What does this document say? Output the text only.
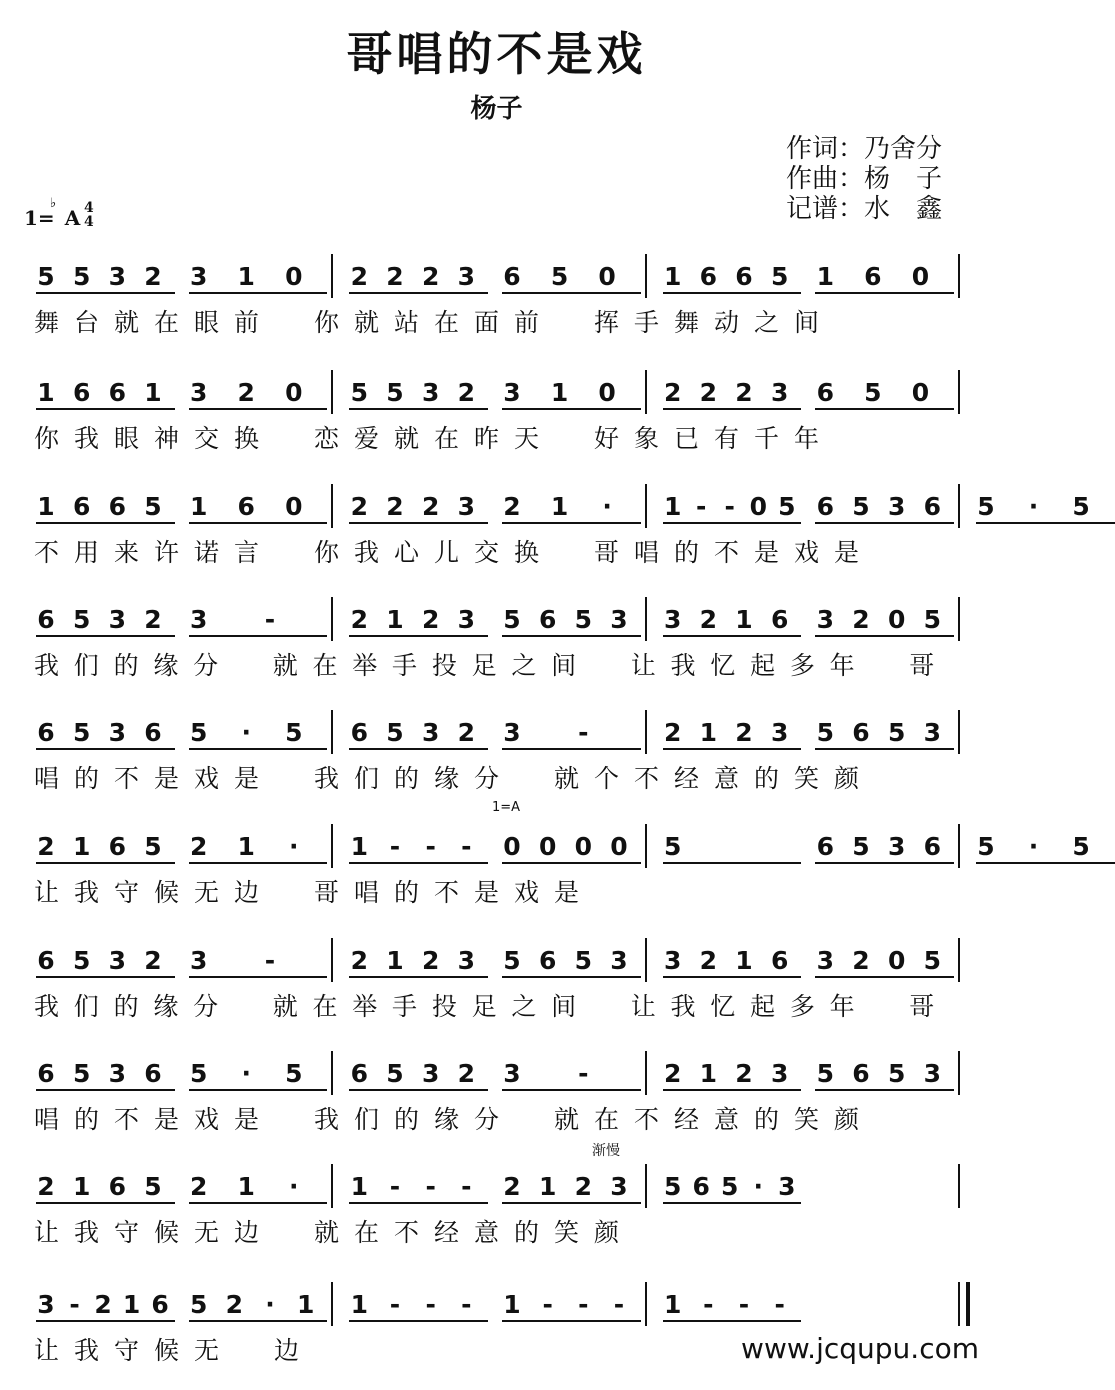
哥唱的不是戏
杨子
作词：乃舍分
作曲：杨　子
记谱：水　鑫
1=
♭
A 4
4
5 5 3 2 3 1 0 2 2 2 3 6 5 0 1 6 6 5 1 6 0
舞 台 就 在 眼 前 你 就 站 在 面 前 挥 手 舞 动 之 间
1 6 6 1 3 2 0 5 5 3 2 3 1 0 2 2 2 3 6 5 0
你 我 眼 神 交 换 恋 爱 就 在 昨 天 好 象 已 有 千 年
1 6 6 5 1 6 0 2 2 2 3 2 1 · 1 - - 0 5 6 5 3 6 5 · 5
不 用 来 许 诺 言 你 我 心 儿 交 换 哥 唱 的 不 是 戏 是
6 5 3 2 3 -	2 1 2 3 5 6 5 3 3 2 1 6 3 2 0 5
我 们 的 缘 分 就 在 举 手 投 足 之 间 让 我 忆 起 多 年 哥
6 5 3 6 5 · 5 6 5 3 2 3 -	2 1 2 3 5 6 5 3
唱 的 不 是 戏 是 我 们 的 缘 分 就 个 不 经 意 的 笑 颜
2 1 6 5 2 1 · 1 - - - 0 0 0 0 5	6 5 3 6 5 · 5
让 我 守 候 无 边 哥 唱 的 不 是 戏 是
6 5 3 2 3 -	2 1 2 3 5 6 5 3 3 2 1 6 3 2 0 5
我 们 的 缘 分 就 在 举 手 投 足 之 间 让 我 忆 起 多 年 哥
6 5 3 6 5 · 5 6 5 3 2 3 -	2 1 2 3 5 6 5 3
唱 的 不 是 戏 是 我 们 的 缘 分 就 在 不 经 意 的 笑 颜
2 1 6 5 2 1 · 1 - - - 2 1 2 3 5 6 5 · 3
让 我 守 候 无 边 就 在 不 经 意 的 笑 颜
3 - 2 1 6 5 2 · 1 1 - - - 1 - - - 1 - - -
让 我 守 候 无 边
1=A
渐慢
www.jcqupu.com
